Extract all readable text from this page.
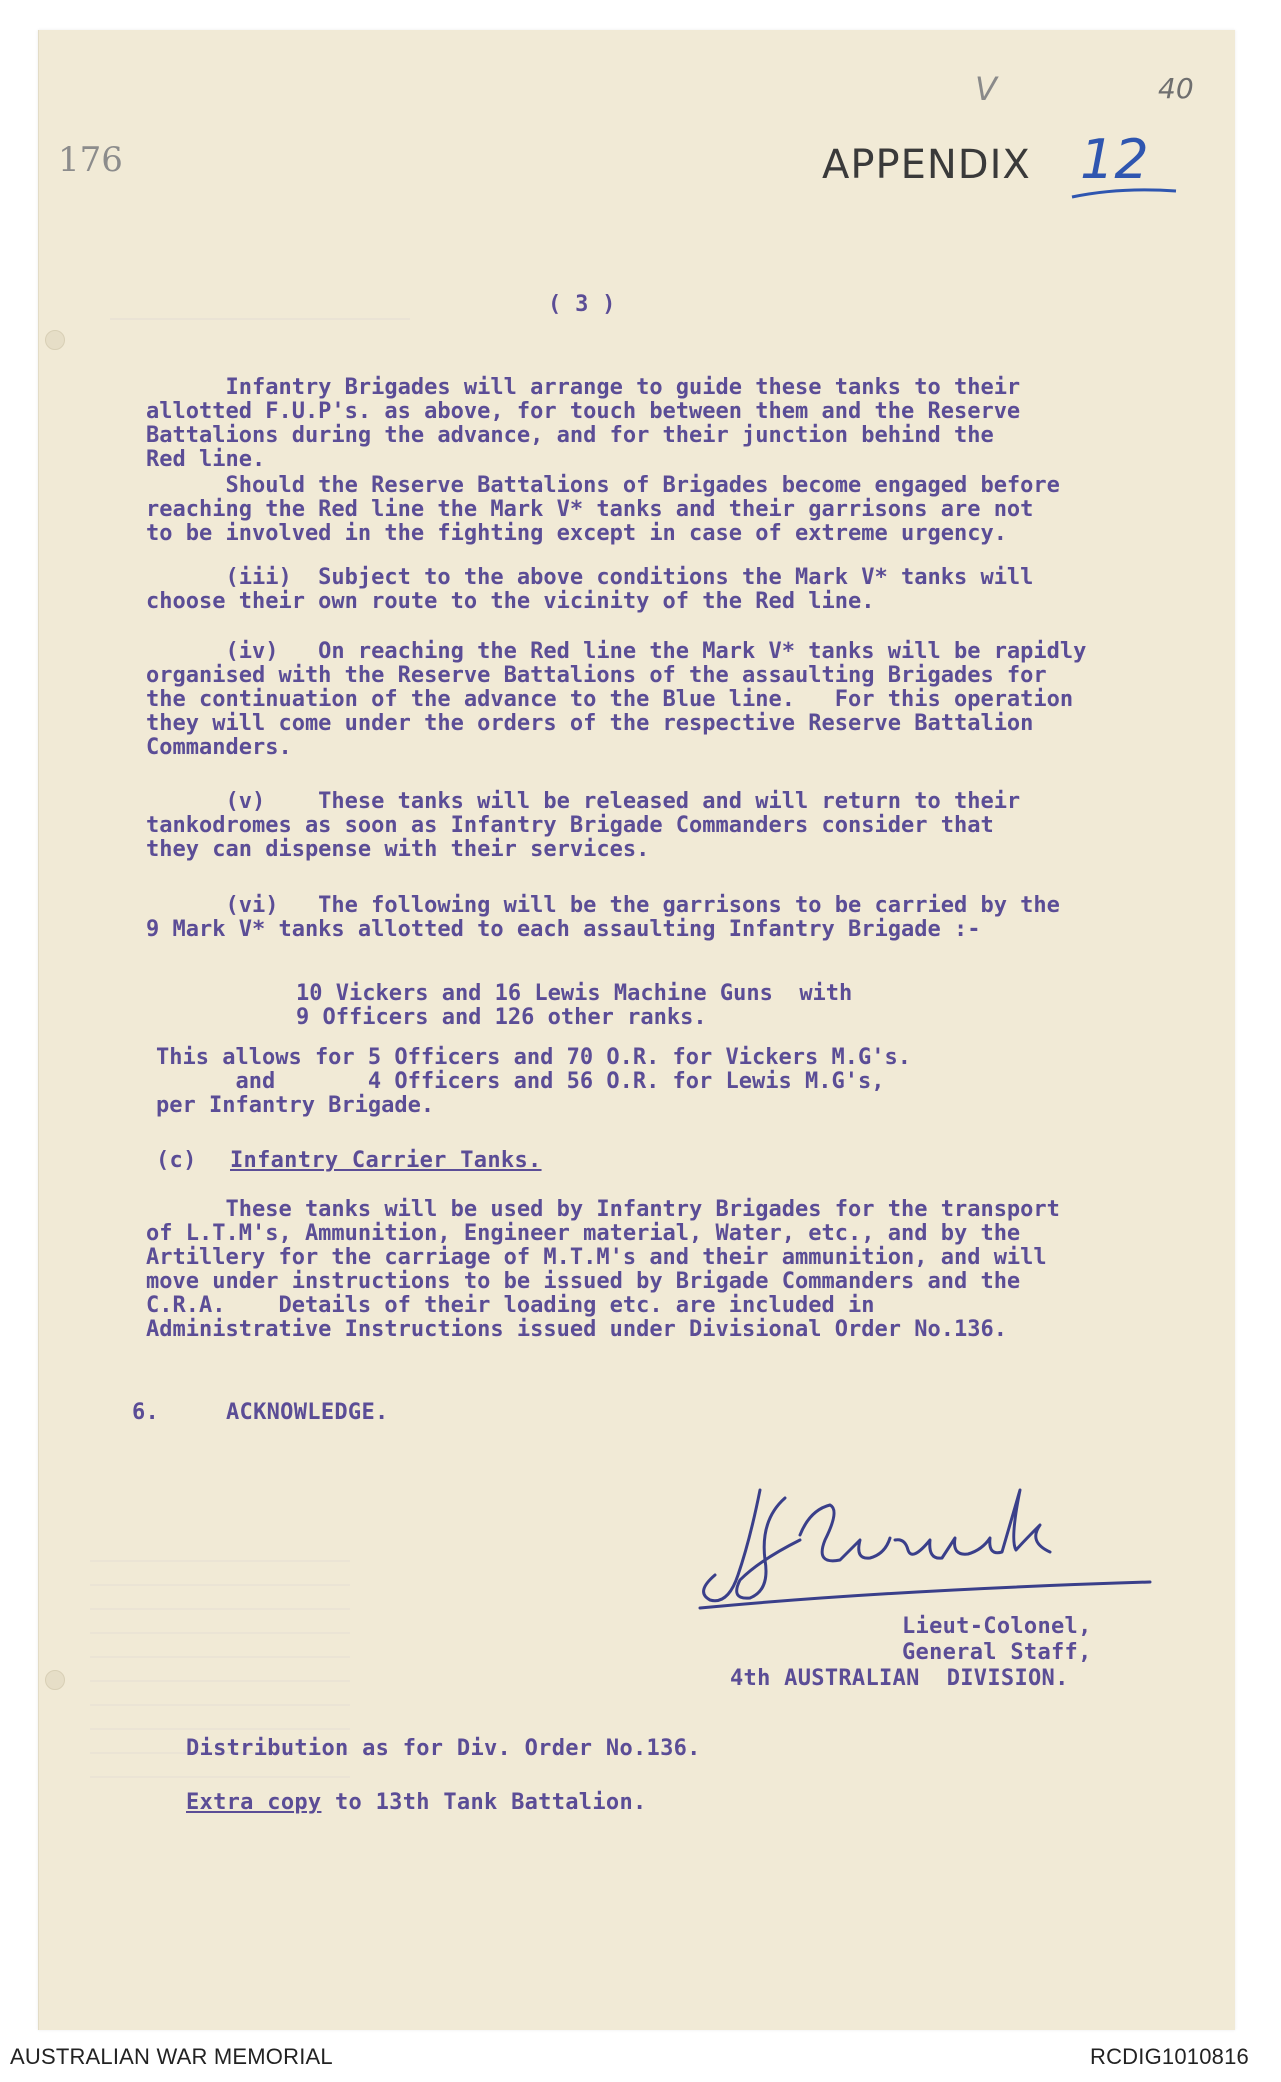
176
V	40
APPENDIX 12
( 3 )
Infantry Brigades will arrange to guide these tanks to their
allotted F.U.P's. as above, for touch between them and the Reserve
Battalions during the advance, and for their junction behind the
Red line.
Should the Reserve Battalions of Brigades become engaged before
reaching the Red line the Mark V* tanks and their garrisons are not
to be involved in the fighting except in case of extreme urgency.
(iii)  Subject to the above conditions the Mark V* tanks will
choose their own route to the vicinity of the Red line.
(iv)   On reaching the Red line the Mark V* tanks will be rapidly
organised with the Reserve Battalions of the assaulting Brigades for
the continuation of the advance to the Blue line.   For this operation
they will come under the orders of the respective Reserve Battalion
Commanders.
(v)    These tanks will be released and will return to their
tankodromes as soon as Infantry Brigade Commanders consider that
they can dispense with their services.
(vi)   The following will be the garrisons to be carried by the
9 Mark V* tanks allotted to each assaulting Infantry Brigade :-
10 Vickers and 16 Lewis Machine Guns  with
9 Officers and 126 other ranks.
This allows for 5 Officers and 70 O.R. for Vickers M.G's.
and       4 Officers and 56 O.R. for Lewis M.G's,
per Infantry Brigade.
(c) Infantry Carrier Tanks.
These tanks will be used by Infantry Brigades for the transport
of L.T.M's, Ammunition, Engineer material, Water, etc., and by the
Artillery for the carriage of M.T.M's and their ammunition, and will
move under instructions to be issued by Brigade Commanders and the
C.R.A.    Details of their loading etc. are included in
Administrative Instructions issued under Divisional Order No.136.
6.	ACKNOWLEDGE.
Lieut-Colonel,
General Staff,
4th AUSTRALIAN  DIVISION.
Distribution as for Div. Order No.136.
Extra copy to 13th Tank Battalion.
AUSTRALIAN WAR MEMORIAL	RCDIG1010816
